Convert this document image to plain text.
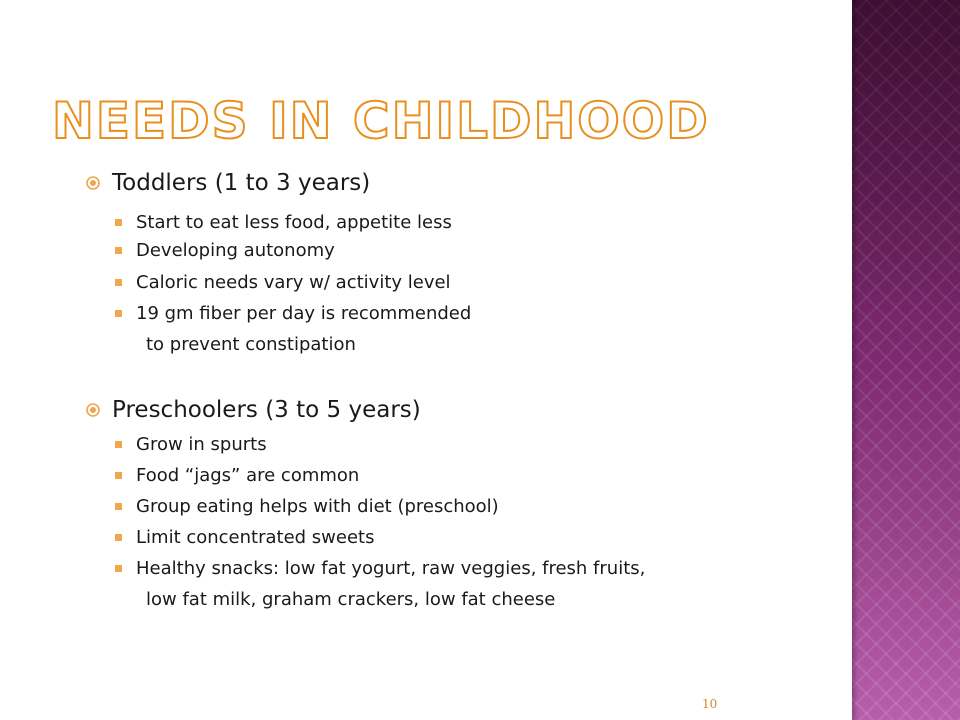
NEEDS IN CHILDHOOD
Toddlers (1 to 3 years)
Start to eat less food, appetite less
Developing autonomy
Caloric needs vary w/ activity level
19 gm fiber per day is recommended
to prevent constipation
Preschoolers (3 to 5 years)
Grow in spurts
Food “jags” are common
Group eating helps with diet (preschool)
Limit concentrated sweets
Healthy snacks: low fat yogurt, raw veggies, fresh fruits,
low fat milk, graham crackers, low fat cheese
10
